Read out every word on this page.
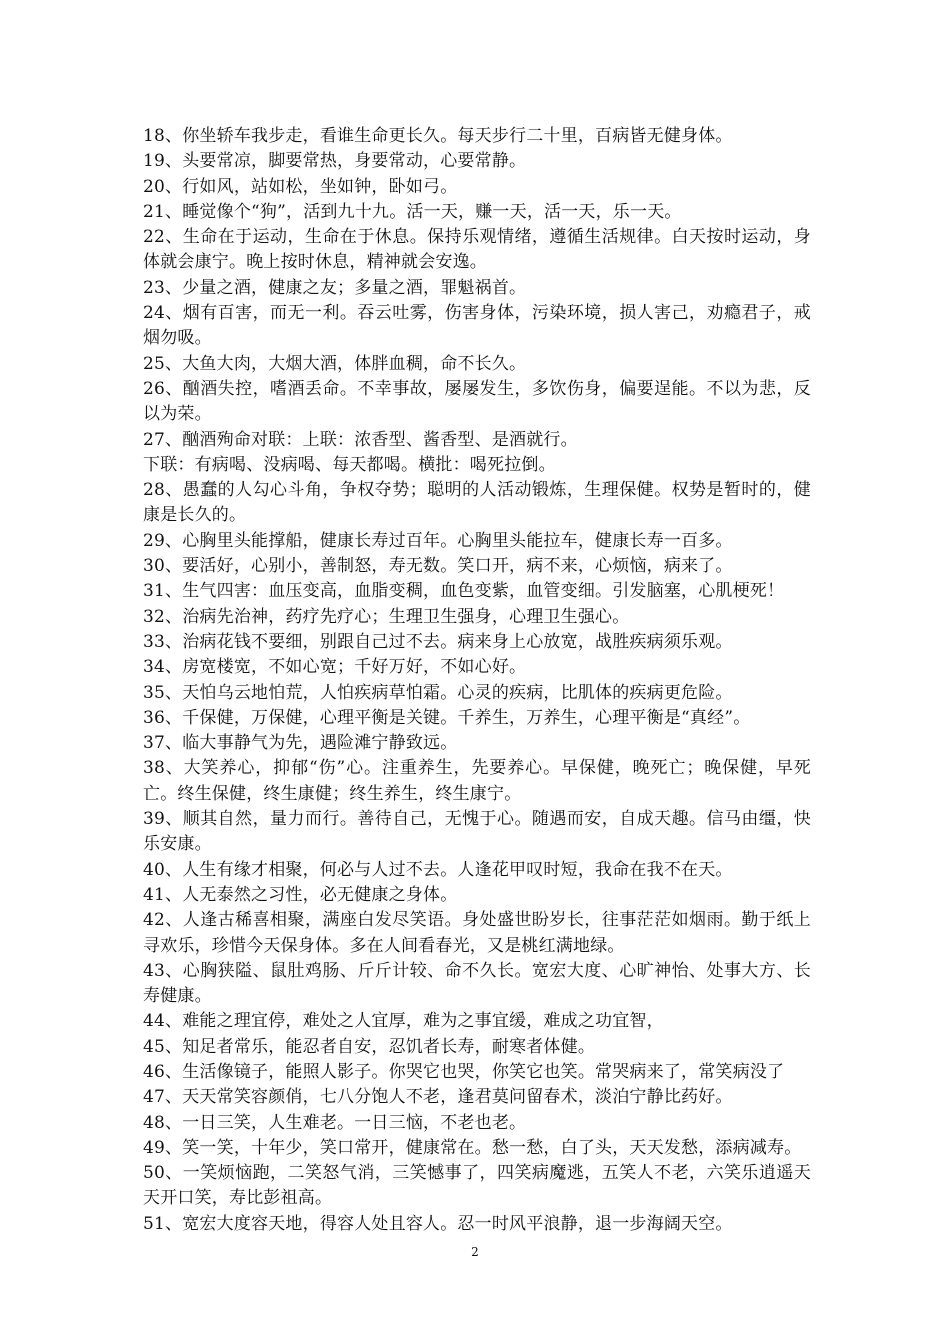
18、你坐轿车我步走，看谁生命更长久。每天步行二十里，百病皆无健身体。

19、头要常凉，脚要常热，身要常动，心要常静。

20、行如风，站如松，坐如钟，卧如弓。

21、睡觉像个“狗”，活到九十九。活一天，赚一天，活一天，乐一天。

22、生命在于运动，生命在于休息。保持乐观情绪，遵循生活规律。白天按时运动，身体就会康宁。晚上按时休息，精神就会安逸。

23、少量之酒，健康之友；多量之酒，罪魁祸首。

24、烟有百害，而无一利。吞云吐雾，伤害身体，污染环境，损人害己，劝瘾君子，戒烟勿吸。

25、大鱼大肉，大烟大酒，体胖血稠，命不长久。

26、酗酒失控，嗜酒丢命。不幸事故，屡屡发生，多饮伤身，偏要逞能。不以为悲，反以为荣。

27、酗酒殉命对联：上联：浓香型、酱香型、是酒就行。

下联：有病喝、没病喝、每天都喝。横批：喝死拉倒。

28、愚蠢的人勾心斗角，争权夺势；聪明的人活动锻炼，生理保健。权势是暂时的，健康是长久的。

29、心胸里头能撑船，健康长寿过百年。心胸里头能拉车，健康长寿一百多。

30、要活好，心别小，善制怒，寿无数。笑口开，病不来，心烦恼，病来了。

31、生气四害：血压变高，血脂变稠，血色变紫，血管变细。引发脑塞，心肌梗死！

32、治病先治神，药疗先疗心；生理卫生强身，心理卫生强心。

33、治病花钱不要细，别跟自己过不去。病来身上心放宽，战胜疾病须乐观。

34、房宽楼宽，不如心宽；千好万好，不如心好。

35、天怕乌云地怕荒，人怕疾病草怕霜。心灵的疾病，比肌体的疾病更危险。

36、千保健，万保健，心理平衡是关键。千养生，万养生，心理平衡是“真经”。

37、临大事静气为先，遇险滩宁静致远。

38、大笑养心，抑郁“伤”心。注重养生，先要养心。早保健，晚死亡；晚保健，早死亡。终生保健，终生康健；终生养生，终生康宁。

39、顺其自然，量力而行。善待自己，无愧于心。随遇而安，自成天趣。信马由缰，快乐安康。

40、人生有缘才相聚，何必与人过不去。人逢花甲叹时短，我命在我不在天。

41、人无泰然之习性，必无健康之身体。

42、人逢古稀喜相聚，满座白发尽笑语。身处盛世盼岁长，往事茫茫如烟雨。勤于纸上寻欢乐，珍惜今天保身体。多在人间看春光，又是桃红满地绿。

43、心胸狭隘、鼠肚鸡肠、斤斤计较、命不久长。宽宏大度、心旷神怡、处事大方、长寿健康。

44、难能之理宜停，难处之人宜厚，难为之事宜缓，难成之功宜智，

45、知足者常乐，能忍者自安，忍饥者长寿，耐寒者体健。

46、生活像镜子，能照人影子。你哭它也哭，你笑它也笑。常哭病来了，常笑病没了

47、天天常笑容颜俏，七八分饱人不老，逢君莫问留春术，淡泊宁静比药好。

48、一日三笑，人生难老。一日三恼，不老也老。

49、笑一笑，十年少，笑口常开，健康常在。愁一愁，白了头，天天发愁，添病减寿。

50、一笑烦恼跑，二笑怒气消，三笑憾事了，四笑病魔逃，五笑人不老，六笑乐逍遥天天开口笑，寿比彭祖高。

51、宽宏大度容天地，得容人处且容人。忍一时风平浪静，退一步海阔天空。

2
